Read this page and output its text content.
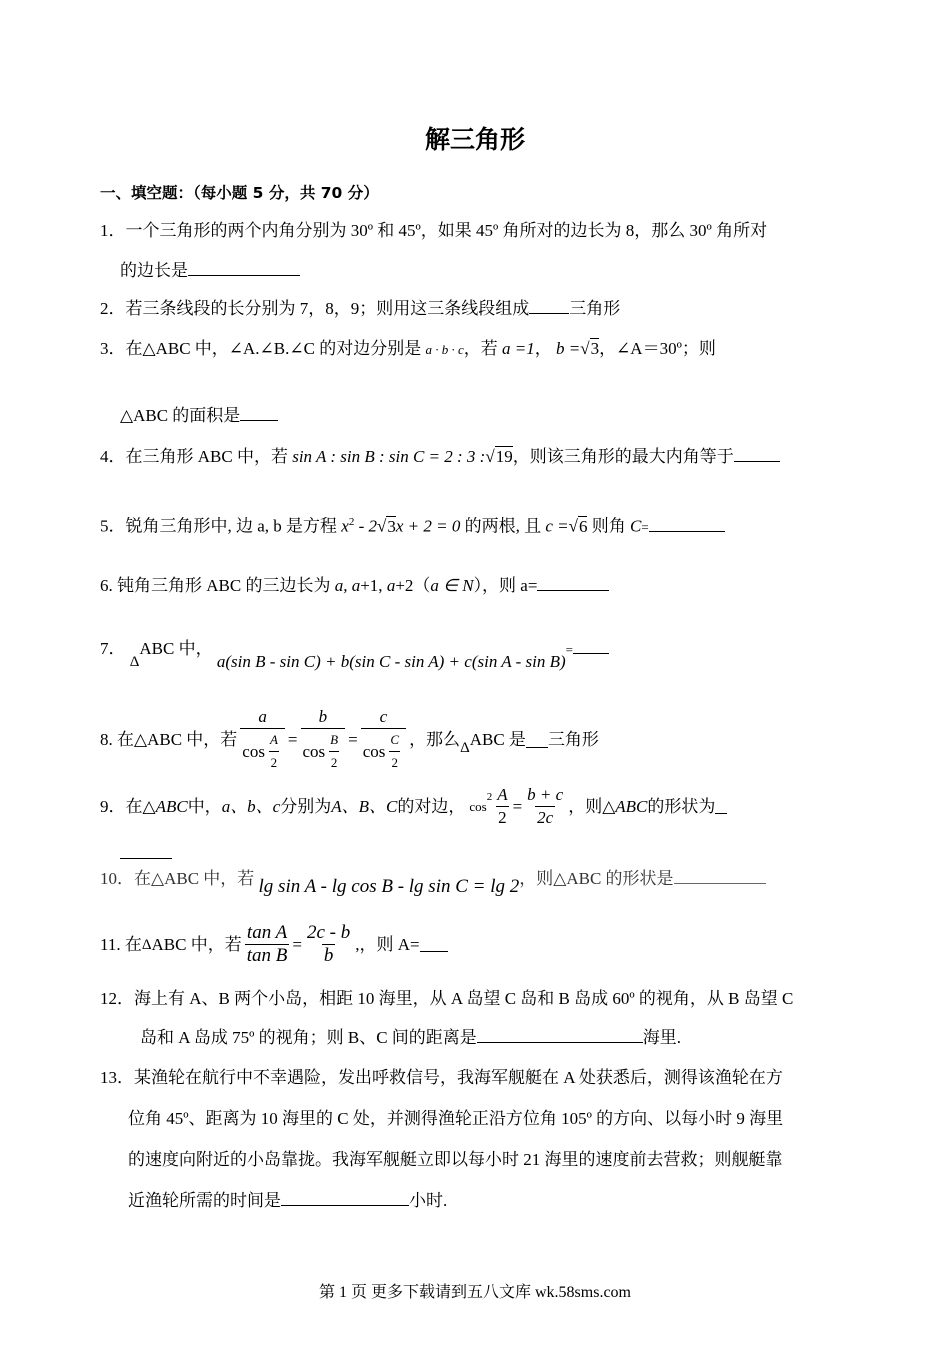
解三角形
一、填空题：（每小题 5 分，共 70 分）
1．一个三角形的两个内角分别为 30º 和 45º，如果 45º 角所对的边长为 8，那么 30º 角所对
的边长是
2．若三条线段的长分别为 7，8，9；则用这三条线段组成 三角形
3．在△ABC 中，∠A.∠B.∠C 的对边分别是 a · b · c，若 a =1， b =√3，∠A＝30º；则
△ABC 的面积是
4．在三角形 ABC 中，若 sin A : sin B : sin C = 2 : 3 :√19，则该三角形的最大内角等于
5．锐角三角形中, 边 a, b 是方程 $x^2 - 2√3x + 2 = 0$ 的两根, 且 c =√6 则角 C=
6. 钝角三角形 ABC 的三边长为 a, a+1, a+2（a ∈ N），则 a=
7． ΔABC 中， a(sin B - sin C) + b(sin C - sin A) + c(sin A - sin B)=
8. 在△ABC 中，若 $\frac{a}{\cos \frac{A}{2}} = \frac{b}{\cos \frac{B}{2}} = \frac{c}{\cos \frac{C}{2}}$ ，那么 Δ ABC 是 三角形
9．在△ ABC 中， a、b、c 分别为 A、B、C 的对边， cos
$2 \frac{A}{2} = \frac{b + c}{2c}$ ，则△ ABC 的形状为
10．在△ABC 中，若 lg sin A - lg cos B - lg sin C = lg 2，则△ABC 的形状是
11. 在 Δ ABC 中，若 $\frac{\text{tan A}}{\text{tan B}} = \frac{2c - b}{b}$ ,，则 A=
12．海上有 A、B 两个小岛，相距 10 海里，从 A 岛望 C 岛和 B 岛成 60º 的视角，从 B 岛望 C
岛和 A 岛成 75º 的视角；则 B、C 间的距离是	海里.
13．某渔轮在航行中不幸遇险，发出呼救信号，我海军舰艇在 A 处获悉后，测得该渔轮在方
位角 45º、距离为 10 海里的 C 处，并测得渔轮正沿方位角 105º 的方向、以每小时 9 海里
的速度向附近的小岛靠拢。我海军舰艇立即以每小时 21 海里的速度前去营救；则舰艇靠
近渔轮所需的时间是	小时.
第 1 页 更多下载请到五八文库 wk.58sms.com
